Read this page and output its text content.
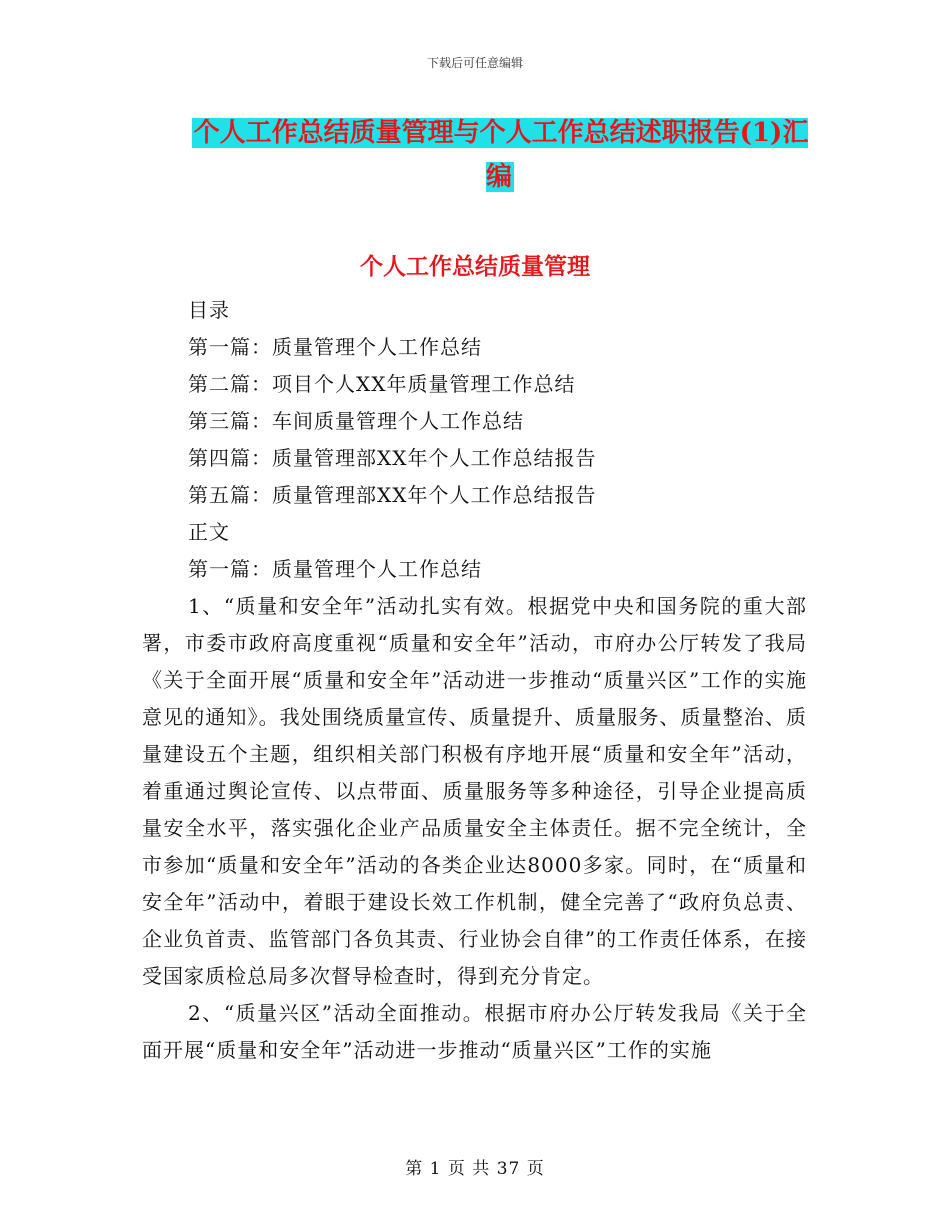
下载后可任意编辑
个人工作总结质量管理与个人工作总结述职报告(1)汇编
个人工作总结质量管理
目录
第一篇：质量管理个人工作总结
第二篇：项目个人XX年质量管理工作总结
第三篇：车间质量管理个人工作总结
第四篇：质量管理部XX年个人工作总结报告
第五篇：质量管理部XX年个人工作总结报告
正文
第一篇：质量管理个人工作总结

1、“质量和安全年”活动扎实有效。根据党中央和国务院的重大部署，市委市政府高度重视“质量和安全年”活动，市府办公厅转发了我局《关于全面开展“质量和安全年”活动进一步推动“质量兴区”工作的实施意见的通知》。我处围绕质量宣传、质量提升、质量服务、质量整治、质量建设五个主题，组织相关部门积极有序地开展“质量和安全年”活动，着重通过舆论宣传、以点带面、质量服务等多种途径，引导企业提高质量安全水平，落实强化企业产品质量安全主体责任。据不完全统计，全市参加“质量和安全年”活动的各类企业达8000多家。同时，在“质量和安全年”活动中，着眼于建设长效工作机制，健全完善了“政府负总责、企业负首责、监管部门各负其责、行业协会自律”的工作责任体系，在接受国家质检总局多次督导检查时，得到充分肯定。

2、“质量兴区”活动全面推动。根据市府办公厅转发我局《关于全面开展“质量和安全年”活动进一步推动“质量兴区”工作的实施

第 1 页 共 37 页
